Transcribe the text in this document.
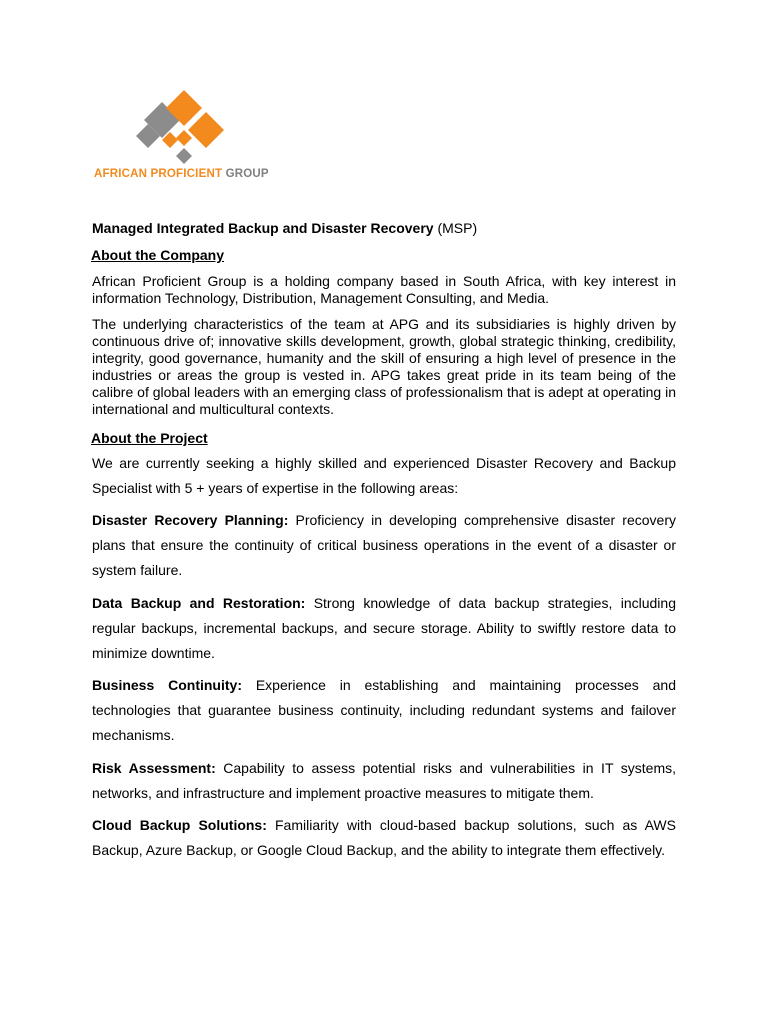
AFRICAN PROFICIENT GROUP
Managed Integrated Backup and Disaster Recovery (MSP)
About the Company

African Proficient Group is a holding company based in South Africa, with key interest in information Technology, Distribution, Management Consulting, and Media.

The underlying characteristics of the team at APG and its subsidiaries is highly driven by continuous drive of; innovative skills development, growth, global strategic thinking, credibility, integrity, good governance, humanity and the skill of ensuring a high level of presence in the industries or areas the group is vested in. APG takes great pride in its team being of the calibre of global leaders with an emerging class of professionalism that is adept at operating in international and multicultural contexts.

About the Project

We are currently seeking a highly skilled and experienced Disaster Recovery and Backup Specialist with 5 + years of expertise in the following areas:

Disaster Recovery Planning: Proficiency in developing comprehensive disaster recovery plans that ensure the continuity of critical business operations in the event of a disaster or system failure.

Data Backup and Restoration: Strong knowledge of data backup strategies, including regular backups, incremental backups, and secure storage. Ability to swiftly restore data to minimize downtime.

Business Continuity: Experience in establishing and maintaining processes and technologies that guarantee business continuity, including redundant systems and failover mechanisms.

Risk Assessment: Capability to assess potential risks and vulnerabilities in IT systems, networks, and infrastructure and implement proactive measures to mitigate them.

Cloud Backup Solutions: Familiarity with cloud-based backup solutions, such as AWS Backup, Azure Backup, or Google Cloud Backup, and the ability to integrate them effectively.
